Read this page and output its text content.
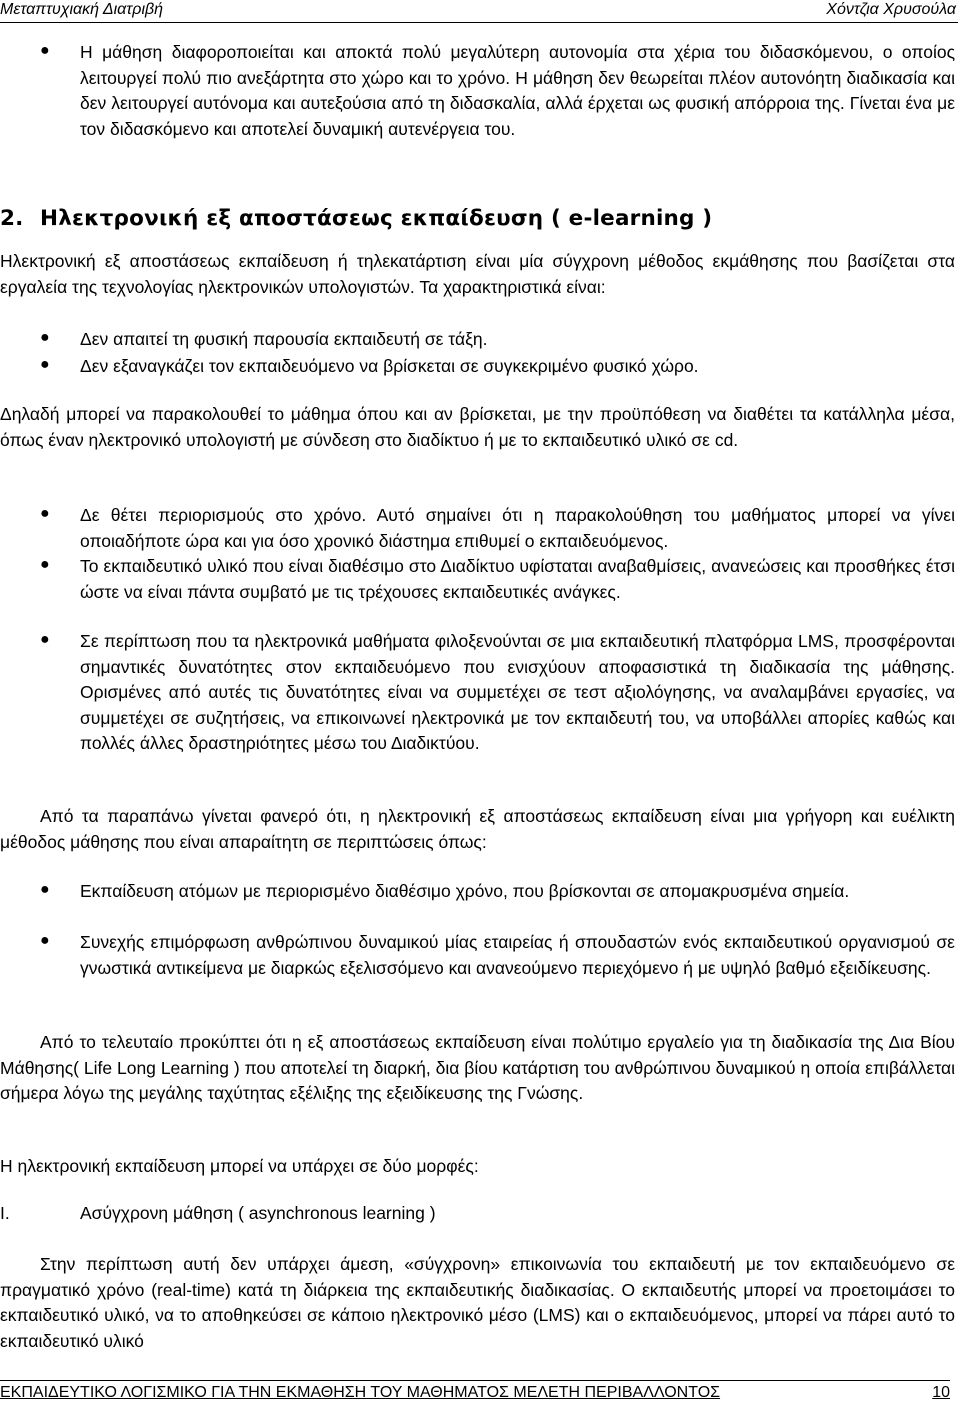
Μεταπτυχιακή Διατριβή	Χόντζια Χρυσούλα
●	Η μάθηση διαφοροποιείται και αποκτά πολύ μεγαλύτερη αυτονομία στα χέρια του διδασκόμενου, ο οποίος λειτουργεί πολύ πιο ανεξάρτητα στο χώρο και το χρόνο. Η μάθηση δεν θεωρείται πλέον αυτονόητη διαδικασία και δεν λειτουργεί αυτόνομα και αυτεξούσια από τη διδασκαλία, αλλά έρχεται ως φυσική απόρροια της. Γίνεται ένα με τον διδασκόμενο και αποτελεί δυναμική αυτενέργεια του.

2. Ηλεκτρονική εξ αποστάσεως εκπαίδευση ( e-learning )

Ηλεκτρονική εξ αποστάσεως εκπαίδευση ή τηλεκατάρτιση είναι μία σύγχρονη μέθοδος εκμάθησης που βασίζεται στα εργαλεία της τεχνολογίας ηλεκτρονικών υπολογιστών. Τα χαρακτηριστικά είναι:

●	Δεν απαιτεί τη φυσική παρουσία εκπαιδευτή σε τάξη.

●	Δεν εξαναγκάζει τον εκπαιδευόμενο να βρίσκεται σε συγκεκριμένο φυσικό χώρο.

Δηλαδή μπορεί να παρακολουθεί το μάθημα όπου και αν βρίσκεται, με την προϋπόθεση να διαθέτει τα κατάλληλα μέσα, όπως έναν ηλεκτρονικό υπολογιστή με σύνδεση στο διαδίκτυο ή με το εκπαιδευτικό υλικό σε cd.

●	Δε θέτει περιορισμούς στο χρόνο. Αυτό σημαίνει ότι η παρακολούθηση του μαθήματος μπορεί να γίνει οποιαδήποτε ώρα και για όσο χρονικό διάστημα επιθυμεί ο εκπαιδευόμενος.

●	Το εκπαιδευτικό υλικό που είναι διαθέσιμο στο Διαδίκτυο υφίσταται αναβαθμίσεις, ανανεώσεις και προσθήκες έτσι ώστε να είναι πάντα συμβατό με τις τρέχουσες εκπαιδευτικές ανάγκες.

●	Σε περίπτωση που τα ηλεκτρονικά μαθήματα φιλοξενούνται σε μια εκπαιδευτική πλατφόρμα LMS, προσφέρονται σημαντικές δυνατότητες στον εκπαιδευόμενο που ενισχύουν αποφασιστικά τη διαδικασία της μάθησης. Ορισμένες από αυτές τις δυνατότητες είναι να συμμετέχει σε τεστ αξιολόγησης, να αναλαμβάνει εργασίες, να συμμετέχει σε συζητήσεις, να επικοινωνεί ηλεκτρονικά με τον εκπαιδευτή του, να υποβάλλει απορίες καθώς και πολλές άλλες δραστηριότητες μέσω του Διαδικτύου.

Από τα παραπάνω γίνεται φανερό ότι, η ηλεκτρονική εξ αποστάσεως εκπαίδευση είναι μια γρήγορη και ευέλικτη μέθοδος μάθησης που είναι απαραίτητη σε περιπτώσεις όπως:

●	Εκπαίδευση ατόμων με περιορισμένο διαθέσιμο χρόνο, που βρίσκονται σε απομακρυσμένα σημεία.

●	Συνεχής επιμόρφωση ανθρώπινου δυναμικού μίας εταιρείας ή σπουδαστών ενός εκπαιδευτικού οργανισμού σε γνωστικά αντικείμενα με διαρκώς εξελισσόμενο και ανανεούμενο περιεχόμενο ή με υψηλό βαθμό εξειδίκευσης.

Από το τελευταίο προκύπτει ότι η εξ αποστάσεως εκπαίδευση είναι πολύτιμο εργαλείο για τη διαδικασία της Δια Βίου Μάθησης( Life Long Learning ) που αποτελεί τη διαρκή, δια βίου κατάρτιση του ανθρώπινου δυναμικού η οποία επιβάλλεται σήμερα λόγω της μεγάλης ταχύτητας εξέλιξης της εξειδίκευσης της Γνώσης.

Η ηλεκτρονική εκπαίδευση μπορεί να υπάρχει σε δύο μορφές:

I.	Ασύγχρονη μάθηση ( asynchronous learning )

Στην περίπτωση αυτή δεν υπάρχει άμεση, «σύγχρονη» επικοινωνία του εκπαιδευτή με τον εκπαιδευόμενο σε πραγματικό χρόνο (real-time) κατά τη διάρκεια της εκπαιδευτικής διαδικασίας. Ο εκπαιδευτής μπορεί να προετοιμάσει το εκπαιδευτικό υλικό, να το αποθηκεύσει σε κάποιο ηλεκτρονικό μέσο (LMS) και ο εκπαιδευόμενος, μπορεί να πάρει αυτό το εκπαιδευτικό υλικό

ΕΚΠΑΙΔΕΥΤΙΚΟ ΛΟΓΙΣΜΙΚΟ ΓΙΑ ΤΗΝ ΕΚΜΑΘΗΣΗ ΤΟΥ ΜΑΘΗΜΑΤΟΣ ΜΕΛΕΤΗ ΠΕΡΙΒΑΛΛΟΝΤΟΣ	10
